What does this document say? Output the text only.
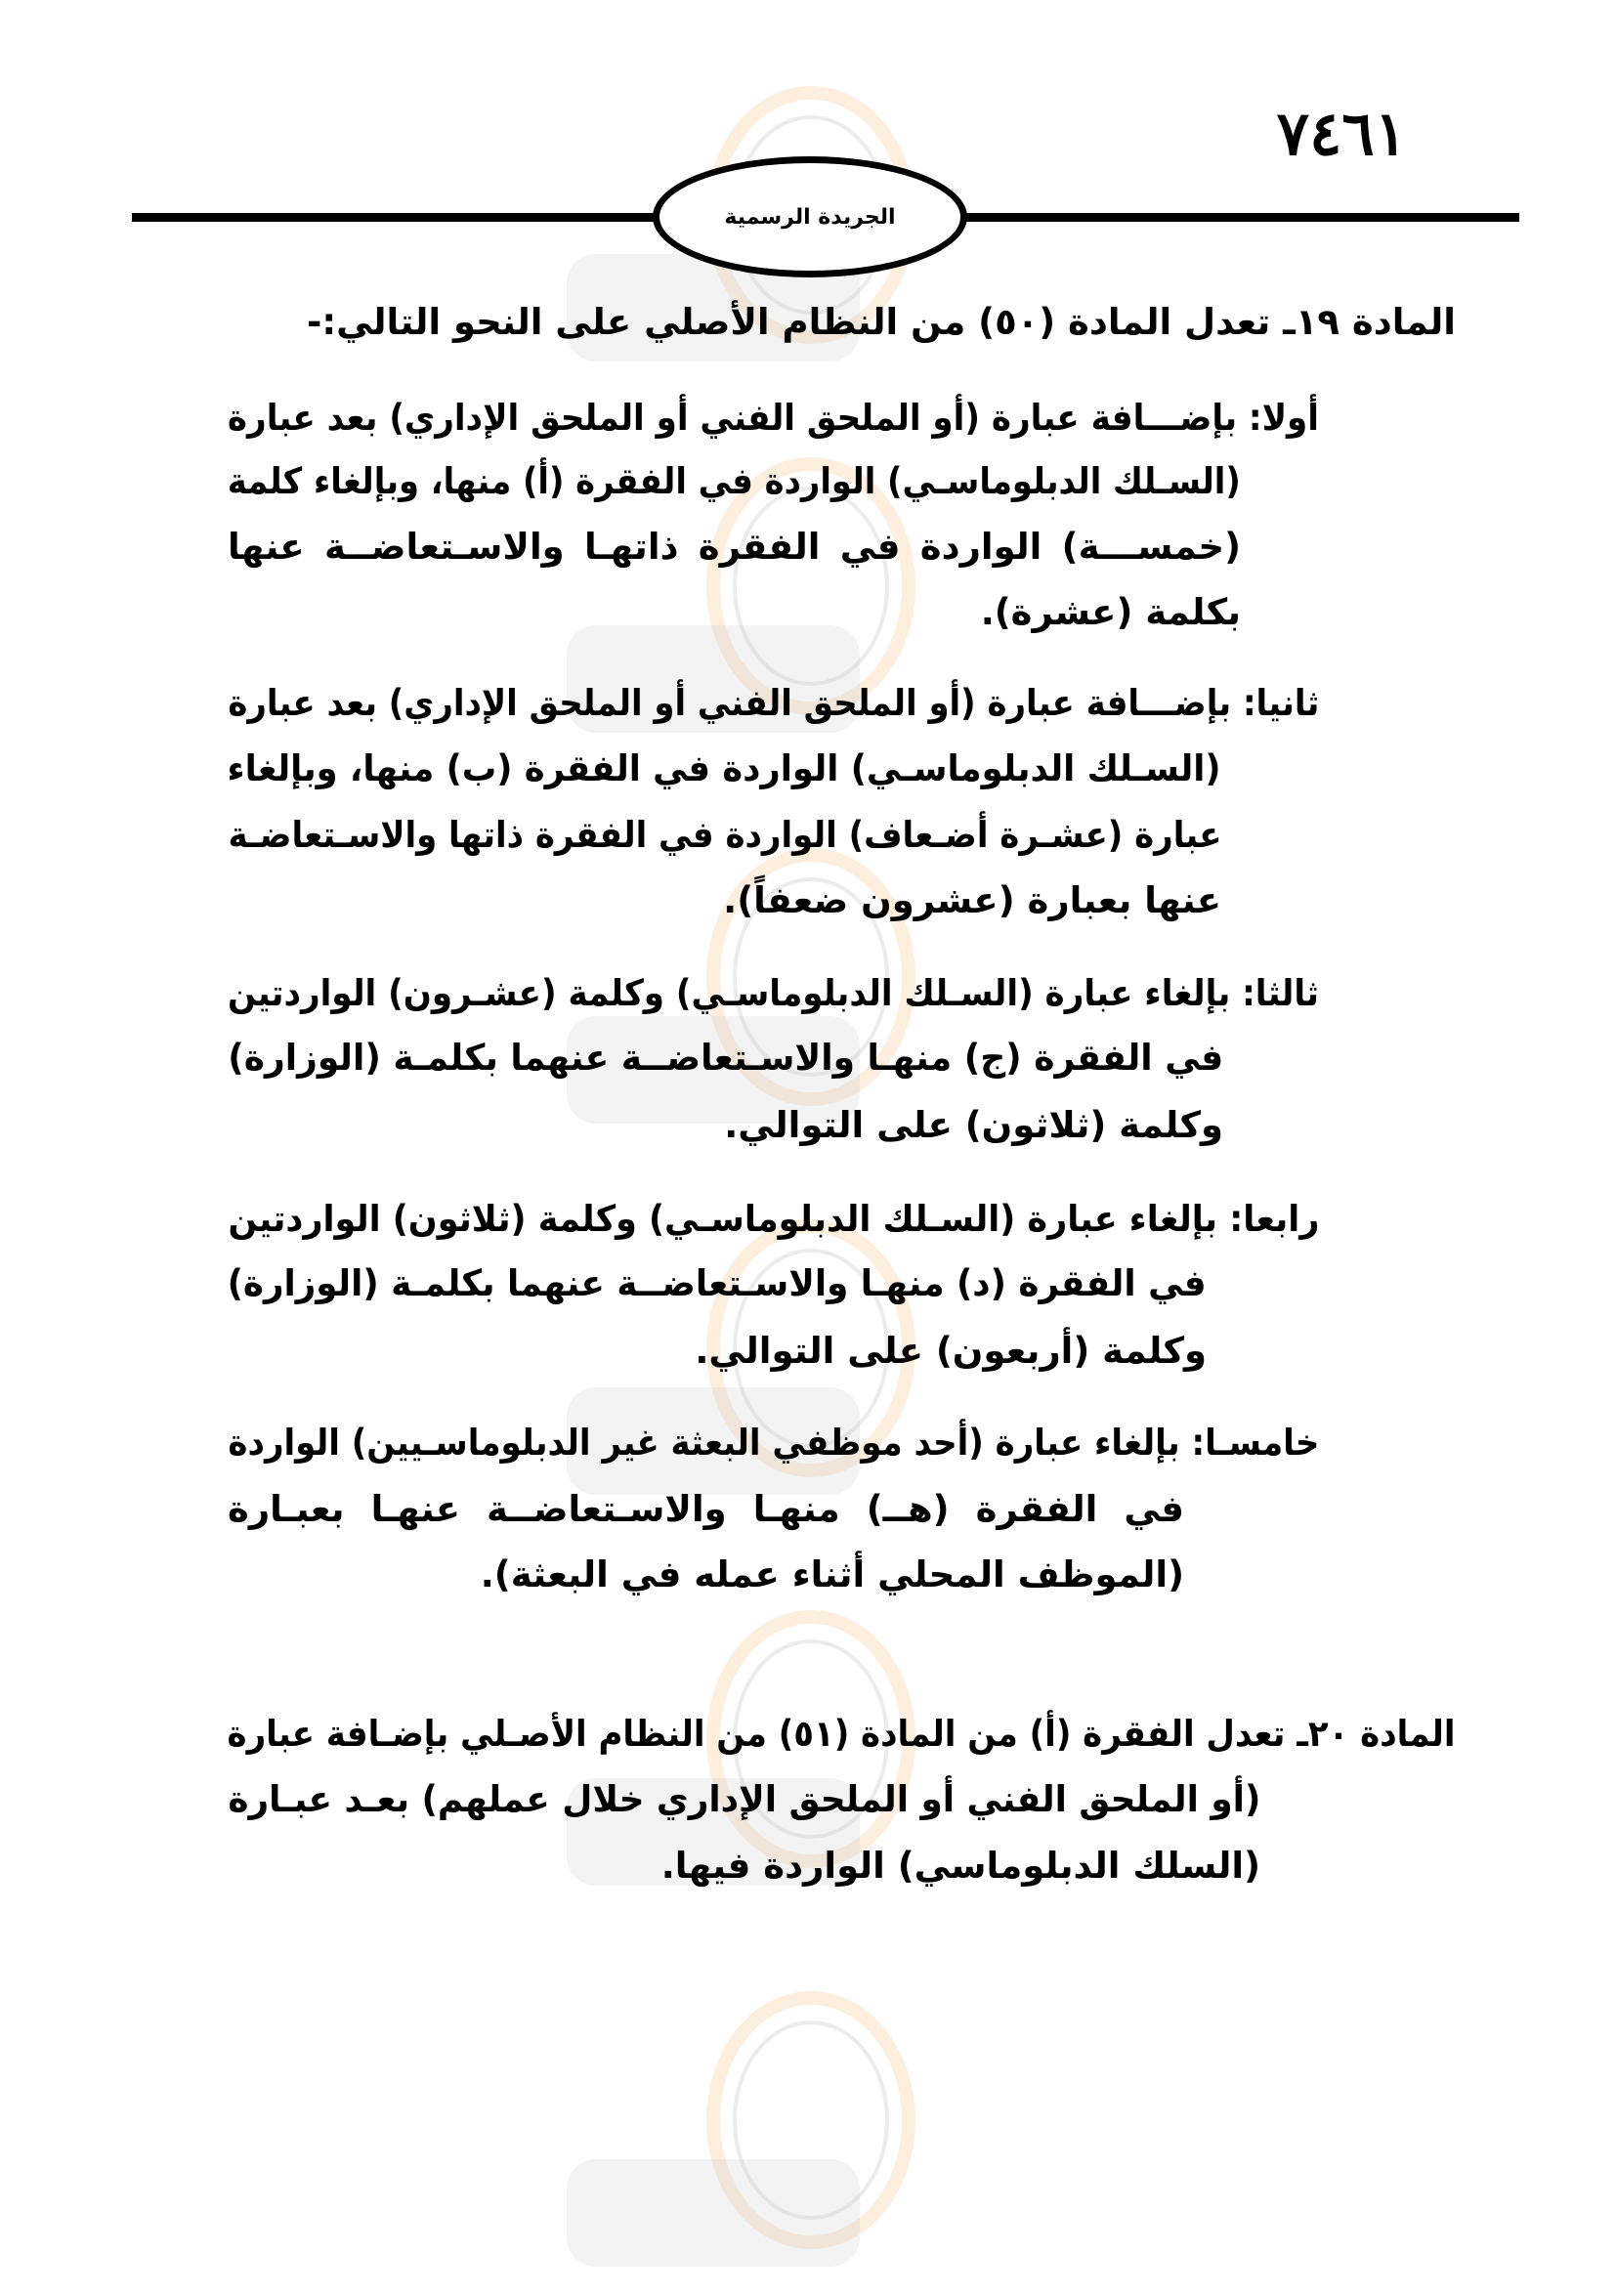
٧٤٦١
الجريدة الرسمية
المادة ١٩ـ تعدل المادة (٥٠) من النظام الأصلي على النحو التالي:-
أولا: بإضـــافة عبارة (أو الملحق الفني أو الملحق الإداري) بعد عبارة
(السـلك الدبلوماسـي) الواردة في الفقرة (أ) منها، وبإلغاء كلمة
(خمســـة) الواردة في الفقرة ذاتهـا والاسـتعاضــة عنها
بكلمة (عشرة).
ثانيا: بإضـــافة عبارة (أو الملحق الفني أو الملحق الإداري) بعد عبارة
(السـلك الدبلوماسـي) الواردة في الفقرة (ب) منها، وبإلغاء
عبارة (عشـرة أضـعاف) الواردة في الفقرة ذاتها والاسـتعاضـة
عنها بعبارة (عشرون ضعفاً).
ثالثا: بإلغاء عبارة (السـلك الدبلوماسـي) وكلمة (عشـرون) الواردتين
في الفقرة (ج) منهـا والاسـتعاضــة عنهما بكلمـة (الوزارة)
وكلمة (ثلاثون) على التوالي.
رابعا: بإلغاء عبارة (السـلك الدبلوماسـي) وكلمة (ثلاثون) الواردتين
في الفقرة (د) منهـا والاسـتعاضــة عنهما بكلمـة (الوزارة)
وكلمة (أربعون) على التوالي.
خامسـا: بإلغاء عبارة (أحد موظفي البعثة غير الدبلوماسـيين) الواردة
في الفقرة (هــ) منهـا والاسـتعاضــة عنهـا بعبـارة
(الموظف المحلي أثناء عمله في البعثة).
المادة ٢٠ـ تعدل الفقرة (أ) من المادة (٥١) من النظام الأصـلي بإضـافة عبارة
(أو الملحق الفني أو الملحق الإداري خلال عملهم) بعـد عبـارة
(السلك الدبلوماسي) الواردة فيها.
